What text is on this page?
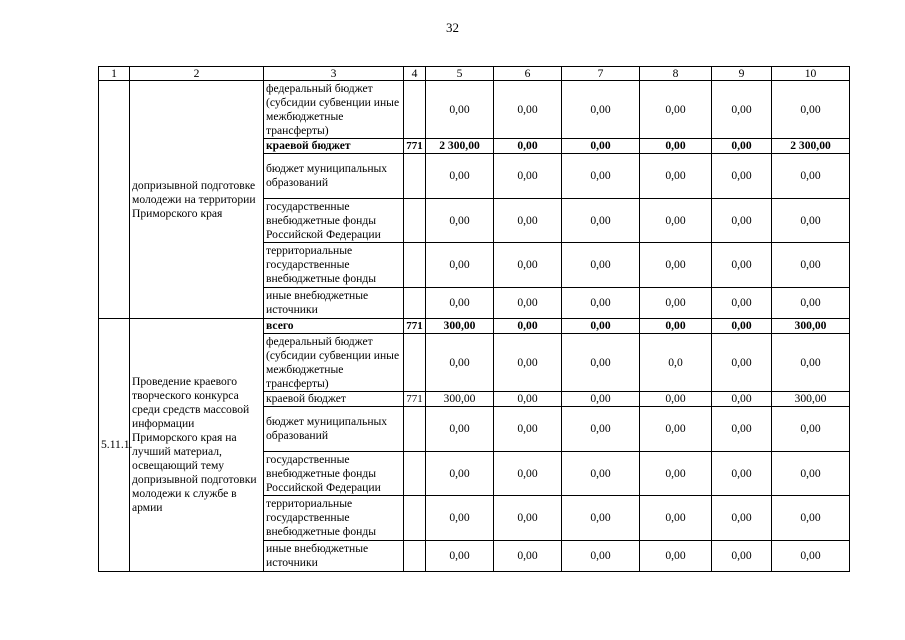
32
1	2	3	4	5	6	7	8	9	10
	допризывной подготовке молодежи на территории Приморского края	федеральный бюджет (субсидии субвенции иные межбюджетные трансферты)		0,00	0,00	0,00	0,00	0,00	0,00
		краевой бюджет	771	2 300,00	0,00	0,00	0,00	0,00	2 300,00
		бюджет муниципальных образований		0,00	0,00	0,00	0,00	0,00	0,00
		государственные внебюджетные фонды Российской Федерации		0,00	0,00	0,00	0,00	0,00	0,00
		территориальные государственные внебюджетные фонды		0,00	0,00	0,00	0,00	0,00	0,00
		иные внебюджетные источники		0,00	0,00	0,00	0,00	0,00	0,00
5.11.1.	Проведение краевого творческого конкурса среди средств массовой информации Приморского края на лучший материал, освещающий тему допризывной подготовки молодежи к службе в армии	всего	771	300,00	0,00	0,00	0,00	0,00	300,00
		федеральный бюджет (субсидии субвенции иные межбюджетные трансферты)		0,00	0,00	0,00	0,0	0,00	0,00
		краевой бюджет	771	300,00	0,00	0,00	0,00	0,00	300,00
		бюджет муниципальных образований		0,00	0,00	0,00	0,00	0,00	0,00
		государственные внебюджетные фонды Российской Федерации		0,00	0,00	0,00	0,00	0,00	0,00
		территориальные государственные внебюджетные фонды		0,00	0,00	0,00	0,00	0,00	0,00
		иные внебюджетные источники		0,00	0,00	0,00	0,00	0,00	0,00
